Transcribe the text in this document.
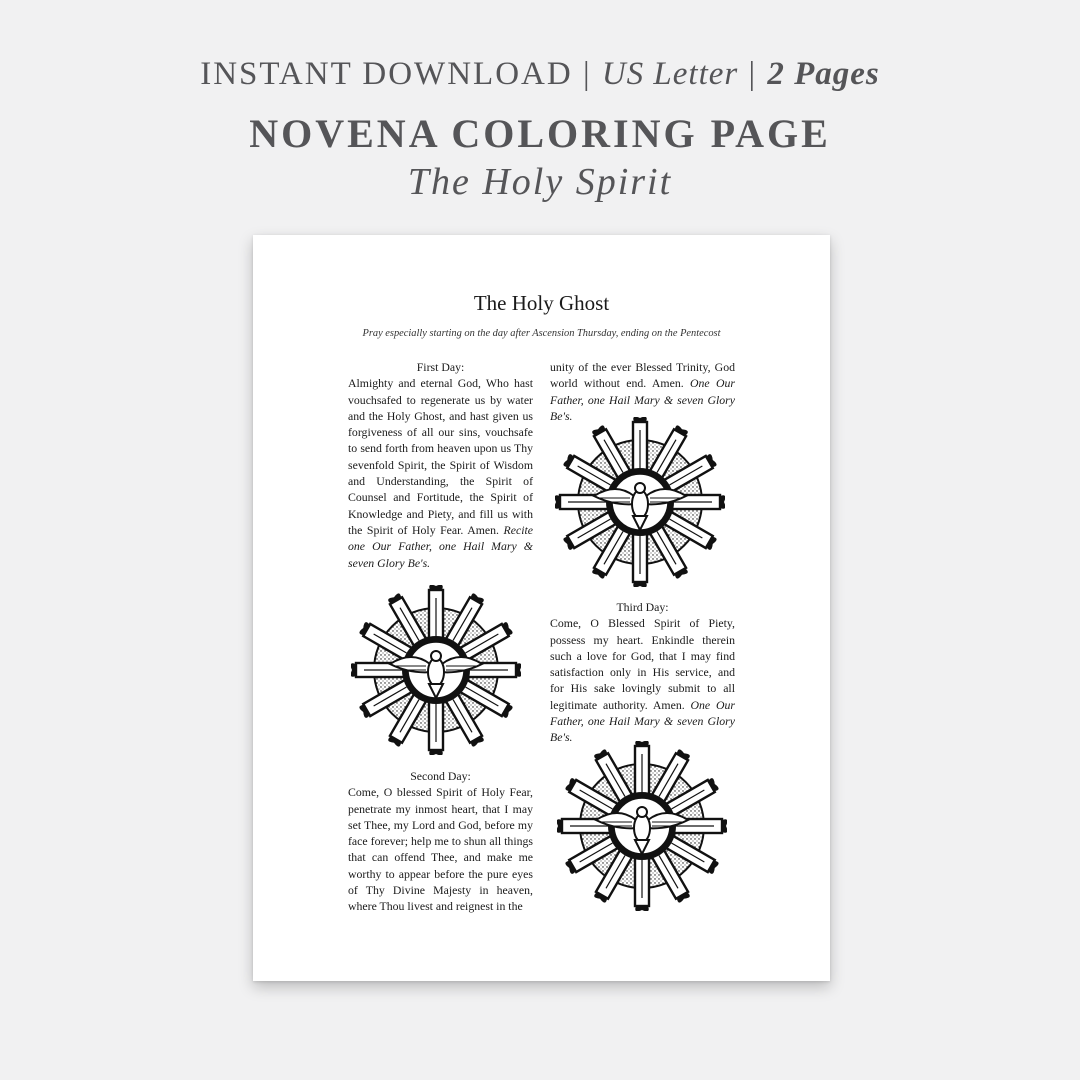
INSTANT DOWNLOAD | US Letter | 2 Pages
NOVENA COLORING PAGE
The Holy Spirit
The Holy Ghost
Pray especially starting on the day after Ascension Thursday, ending on the Pentecost
First Day:
Almighty and eternal God, Who hast vouchsafed to regenerate us by water and the Holy Ghost, and hast given us forgiveness of all our sins, vouchsafe to send forth from heaven upon us Thy sevenfold Spirit, the Spirit of Wisdom and Understanding, the Spirit of Counsel and Fortitude, the Spirit of Knowledge and Piety, and fill us with the Spirit of Holy Fear. Amen. Recite one Our Father, one Hail Mary & seven Glory Be's.
unity of the ever Blessed Trinity, God world without end. Amen. One Our Father, one Hail Mary & seven Glory Be's.
Third Day:
Come, O Blessed Spirit of Piety, possess my heart. Enkindle therein such a love for God, that I may find satisfaction only in His service, and for His sake lovingly submit to all legitimate authority. Amen. One Our Father, one Hail Mary & seven Glory Be's.
Second Day:
Come, O blessed Spirit of Holy Fear, penetrate my inmost heart, that I may set Thee, my Lord and God, before my face forever; help me to shun all things that can offend Thee, and make me worthy to appear before the pure eyes of Thy Divine Majesty in heaven, where Thou livest and reignest in the
